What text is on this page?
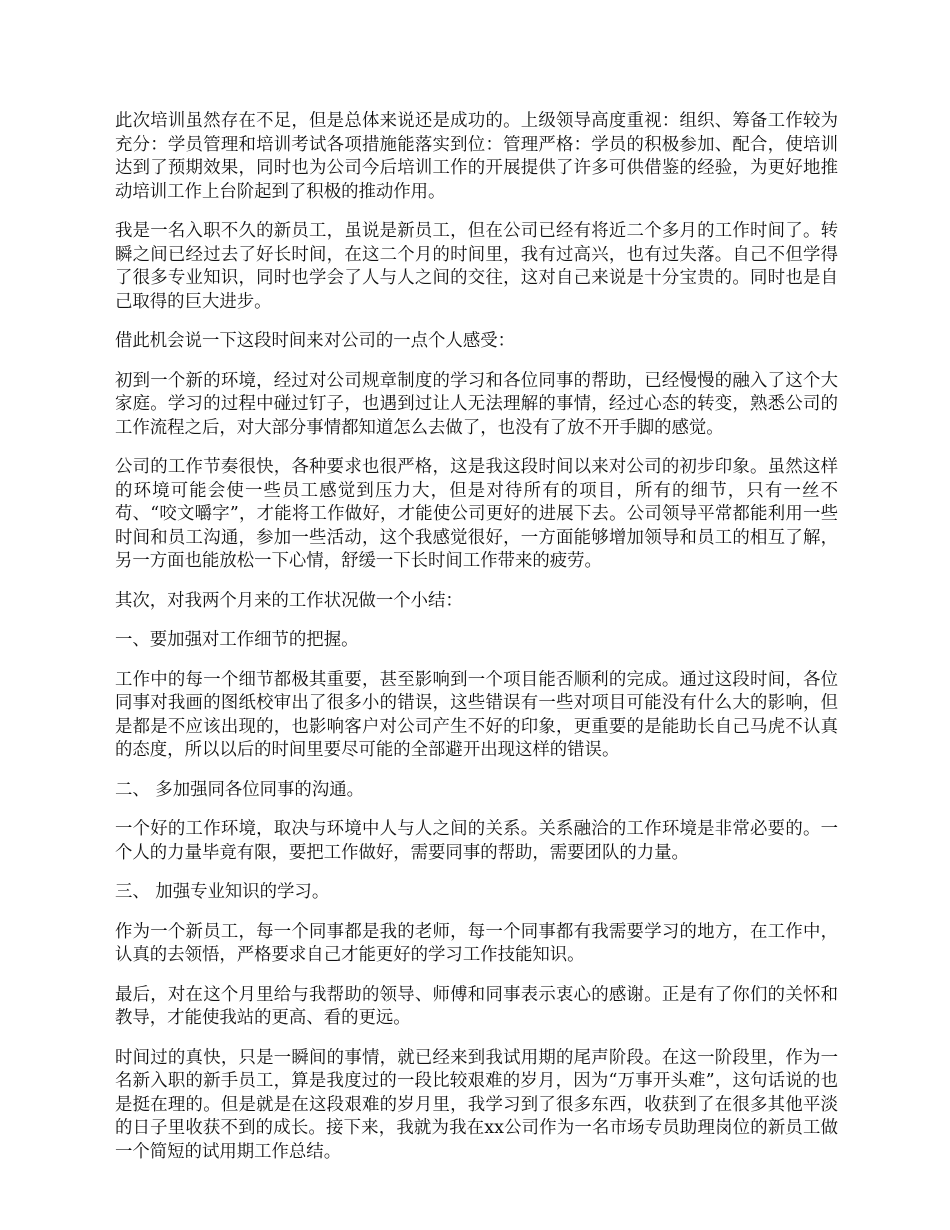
此次培训虽然存在不足，但是总体来说还是成功的。上级领导高度重视：组织、筹备工作较为充分：学员管理和培训考试各项措施能落实到位：管理严格：学员的积极参加、配合，使培训达到了预期效果，同时也为公司今后培训工作的开展提供了许多可供借鉴的经验，为更好地推动培训工作上台阶起到了积极的推动作用。

我是一名入职不久的新员工，虽说是新员工，但在公司已经有将近二个多月的工作时间了。转瞬之间已经过去了好长时间，在这二个月的时间里，我有过高兴，也有过失落。自己不但学得了很多专业知识，同时也学会了人与人之间的交往，这对自己来说是十分宝贵的。同时也是自己取得的巨大进步。

借此机会说一下这段时间来对公司的一点个人感受：

初到一个新的环境，经过对公司规章制度的学习和各位同事的帮助，已经慢慢的融入了这个大家庭。学习的过程中碰过钉子，也遇到过让人无法理解的事情，经过心态的转变，熟悉公司的工作流程之后，对大部分事情都知道怎么去做了，也没有了放不开手脚的感觉。

公司的工作节奏很快，各种要求也很严格，这是我这段时间以来对公司的初步印象。虽然这样的环境可能会使一些员工感觉到压力大，但是对待所有的项目，所有的细节，只有一丝不苟、“咬文嚼字”，才能将工作做好，才能使公司更好的进展下去。公司领导平常都能利用一些时间和员工沟通，参加一些活动，这个我感觉很好，一方面能够增加领导和员工的相互了解，另一方面也能放松一下心情，舒缓一下长时间工作带来的疲劳。

其次，对我两个月来的工作状况做一个小结：

一、要加强对工作细节的把握。

工作中的每一个细节都极其重要，甚至影响到一个项目能否顺利的完成。通过这段时间，各位同事对我画的图纸校审出了很多小的错误，这些错误有一些对项目可能没有什么大的影响，但是都是不应该出现的，也影响客户对公司产生不好的印象，更重要的是能助长自己马虎不认真的态度，所以以后的时间里要尽可能的全部避开出现这样的错误。

二、 多加强同各位同事的沟通。

一个好的工作环境，取决与环境中人与人之间的关系。关系融洽的工作环境是非常必要的。一个人的力量毕竟有限，要把工作做好，需要同事的帮助，需要团队的力量。

三、 加强专业知识的学习。

作为一个新员工，每一个同事都是我的老师，每一个同事都有我需要学习的地方，在工作中，认真的去领悟，严格要求自己才能更好的学习工作技能知识。

最后，对在这个月里给与我帮助的领导、师傅和同事表示衷心的感谢。正是有了你们的关怀和教导，才能使我站的更高、看的更远。

时间过的真快，只是一瞬间的事情，就已经来到我试用期的尾声阶段。在这一阶段里，作为一名新入职的新手员工，算是我度过的一段比较艰难的岁月，因为“万事开头难”，这句话说的也是挺在理的。但是就是在这段艰难的岁月里，我学习到了很多东西，收获到了在很多其他平淡的日子里收获不到的成长。接下来，我就为我在xx公司作为一名市场专员助理岗位的新员工做一个简短的试用期工作总结。
